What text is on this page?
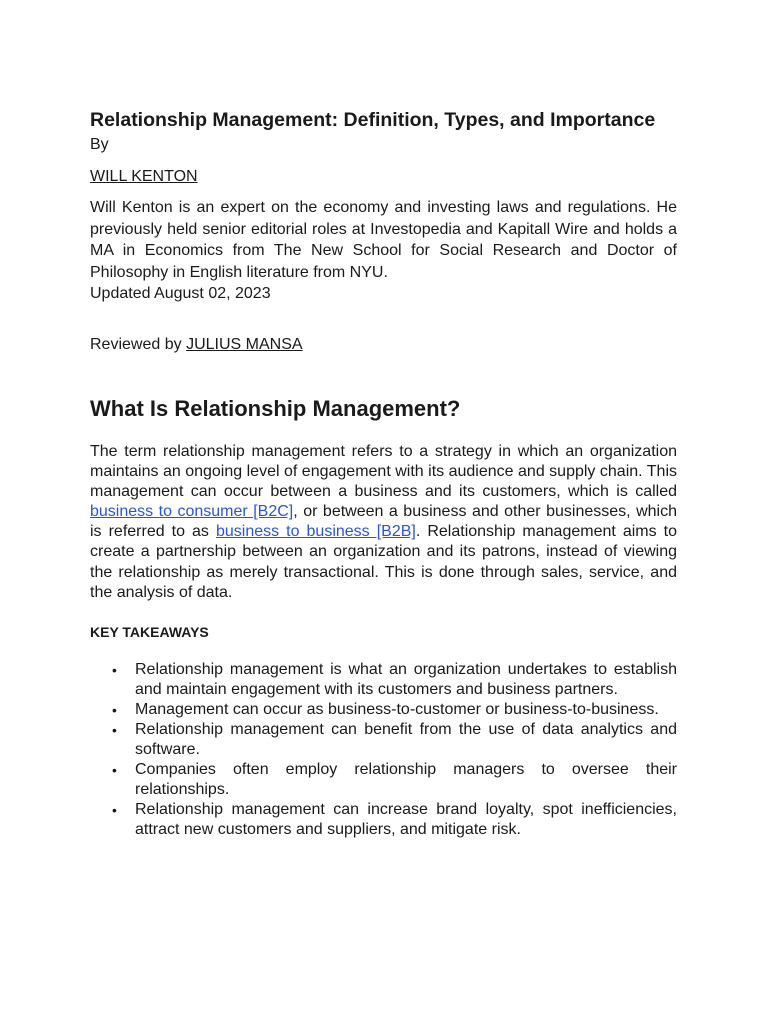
Relationship Management: Definition, Types, and Importance

By

WILL KENTON

Will Kenton is an expert on the economy and investing laws and regulations. He previously held senior editorial roles at Investopedia and Kapitall Wire and holds a MA in Economics from The New School for Social Research and Doctor of Philosophy in English literature from NYU.

Updated August 02, 2023

Reviewed by JULIUS MANSA

What Is Relationship Management?

The term relationship management refers to a strategy in which an organization maintains an ongoing level of engagement with its audience and supply chain. This management can occur between a business and its customers, which is called business to consumer [B2C], or between a business and other businesses, which is referred to as business to business [B2B]. Relationship management aims to create a partnership between an organization and its patrons, instead of viewing the relationship as merely transactional. This is done through sales, service, and the analysis of data.

KEY TAKEAWAYS

• Relationship management is what an organization undertakes to establish and maintain engagement with its customers and business partners.
• Management can occur as business-to-customer or business-to-business.
• Relationship management can benefit from the use of data analytics and software.
• Companies often employ relationship managers to oversee their relationships.
• Relationship management can increase brand loyalty, spot inefficiencies, attract new customers and suppliers, and mitigate risk.
